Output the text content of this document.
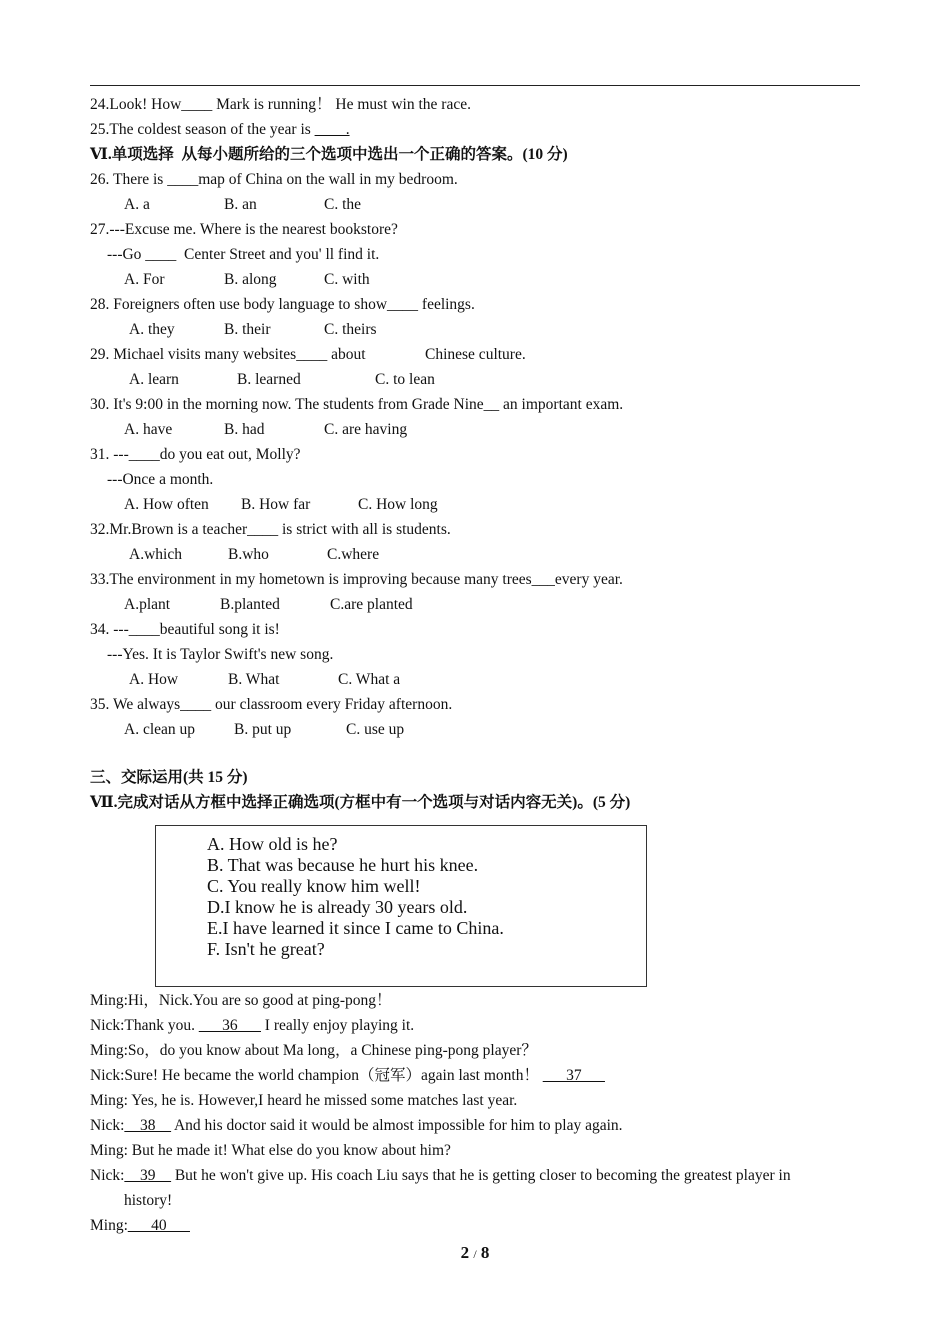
24.Look! How____ Mark is running！ He must win the race.
25.The coldest season of the year is ____.
Ⅵ.单项选择  从每小题所给的三个选项中选出一个正确的答案。(10 分)
26. There is ____map of China on the wall in my bedroom.
A. a	B. an	C. the
27.---Excuse me. Where is the nearest bookstore?
---Go ____  Center Street and you' ll find it.
A. For	B. along	C. with
28. Foreigners often use body language to show____ feelings.
A. they	B. their	C. theirs
29. Michael visits many websites____ about	Chinese culture.
A. learn	B. learned	C. to lean
30. It's 9:00 in the morning now. The students from Grade Nine__ an important exam.
A. have	B. had	C. are having
31. ---____do you eat out, Molly?
---Once a month.
A. How often B. How far	C. How long
32.Mr.Brown is a teacher____ is strict with all is students.
A.which	B.who	C.where
33.The environment in my hometown is improving because many trees___every year.
A.plant	B.planted	C.are planted
34. ---____beautiful song it is!
---Yes. It is Taylor Swift's new song.
A. How	B. What	C. What a
35. We always____ our classroom every Friday afternoon.
A. clean up	B. put up	C. use up
三、交际运用(共 15 分)
Ⅶ.完成对话从方框中选择正确选项(方框中有一个选项与对话内容无关)。(5 分)
A. How old is he?
B. That was because he hurt his knee.
C. You really know him well!
D.I know he is already 30 years old.
E.I have learned it since I came to China.
F. Isn't he great?
Ming:Hi，Nick.You are so good at ping-pong！
Nick:Thank you. ___36___ I really enjoy playing it.
Ming:So，do you know about Ma long，a Chinese ping-pong player？
Nick:Sure! He became the world champion（冠军）again last month！ ___37___
Ming: Yes, he is. However,I heard he missed some matches last year.
Nick:__38__ And his doctor said it would be almost impossible for him to play again.
Ming: But he made it! What else do you know about him?
Nick:__39__ But he won't give up. His coach Liu says that he is getting closer to becoming the greatest player in
history!
Ming:___40___
2 / 8
